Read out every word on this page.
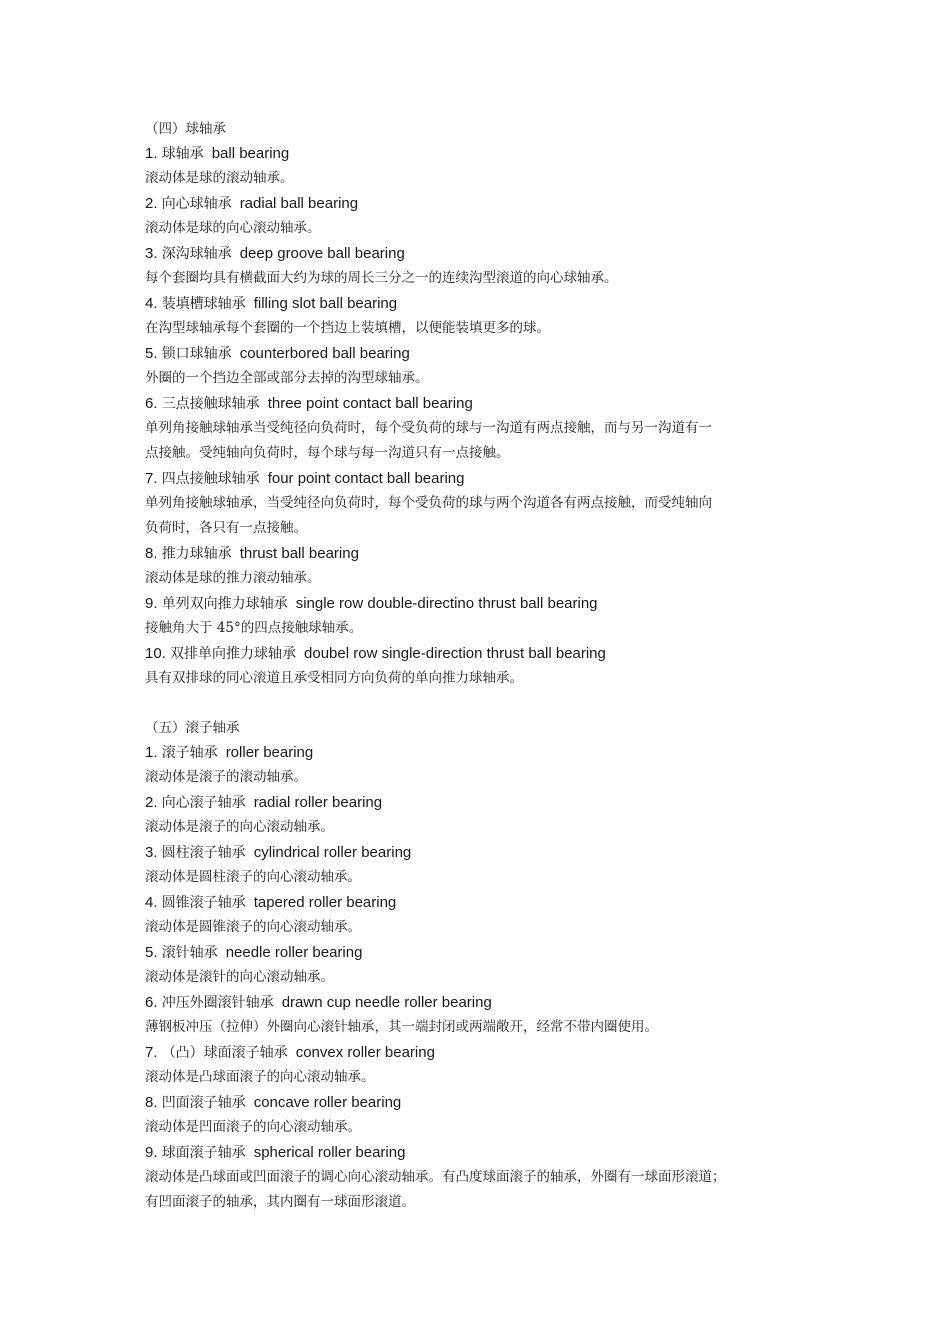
（四）球轴承
1. 球轴承 ball bearing
滚动体是球的滚动轴承。
2. 向心球轴承 radial ball bearing
滚动体是球的向心滚动轴承。
3. 深沟球轴承 deep groove ball bearing
每个套圈均具有横截面大约为球的周长三分之一的连续沟型滚道的向心球轴承。
4. 装填槽球轴承 filling slot ball bearing
在沟型球轴承每个套圈的一个挡边上装填槽，以便能装填更多的球。
5. 锁口球轴承 counterbored ball bearing
外圈的一个挡边全部或部分去掉的沟型球轴承。
6. 三点接触球轴承 three point contact ball bearing
单列角接触球轴承当受纯径向负荷时，每个受负荷的球与一沟道有两点接触，而与另一沟道有一
点接触。受纯轴向负荷时，每个球与每一沟道只有一点接触。
7. 四点接触球轴承 four point contact ball bearing
单列角接触球轴承，当受纯径向负荷时，每个受负荷的球与两个沟道各有两点接触，而受纯轴向
负荷时，各只有一点接触。
8. 推力球轴承 thrust ball bearing
滚动体是球的推力滚动轴承。
9. 单列双向推力球轴承 single row double-directino thrust ball bearing
接触角大于 45°的四点接触球轴承。
10. 双排单向推力球轴承 doubel row single-direction thrust ball bearing
具有双排球的同心滚道且承受相同方向负荷的单向推力球轴承。
（五）滚子轴承
1. 滚子轴承 roller bearing
滚动体是滚子的滚动轴承。
2. 向心滚子轴承 radial roller bearing
滚动体是滚子的向心滚动轴承。
3. 圆柱滚子轴承 cylindrical roller bearing
滚动体是圆柱滚子的向心滚动轴承。
4. 圆锥滚子轴承 tapered roller bearing
滚动体是圆锥滚子的向心滚动轴承。
5. 滚针轴承 needle roller bearing
滚动体是滚针的向心滚动轴承。
6. 冲压外圈滚针轴承 drawn cup needle roller bearing
薄钢板冲压（拉伸）外圈向心滚针轴承，其一端封闭或两端敞开，经常不带内圈使用。
7. （凸）球面滚子轴承 convex roller bearing
滚动体是凸球面滚子的向心滚动轴承。
8. 凹面滚子轴承 concave roller bearing
滚动体是凹面滚子的向心滚动轴承。
9. 球面滚子轴承 spherical roller bearing
滚动体是凸球面或凹面滚子的调心向心滚动轴承。有凸度球面滚子的轴承，外圈有一球面形滚道；
有凹面滚子的轴承，其内圈有一球面形滚道。
